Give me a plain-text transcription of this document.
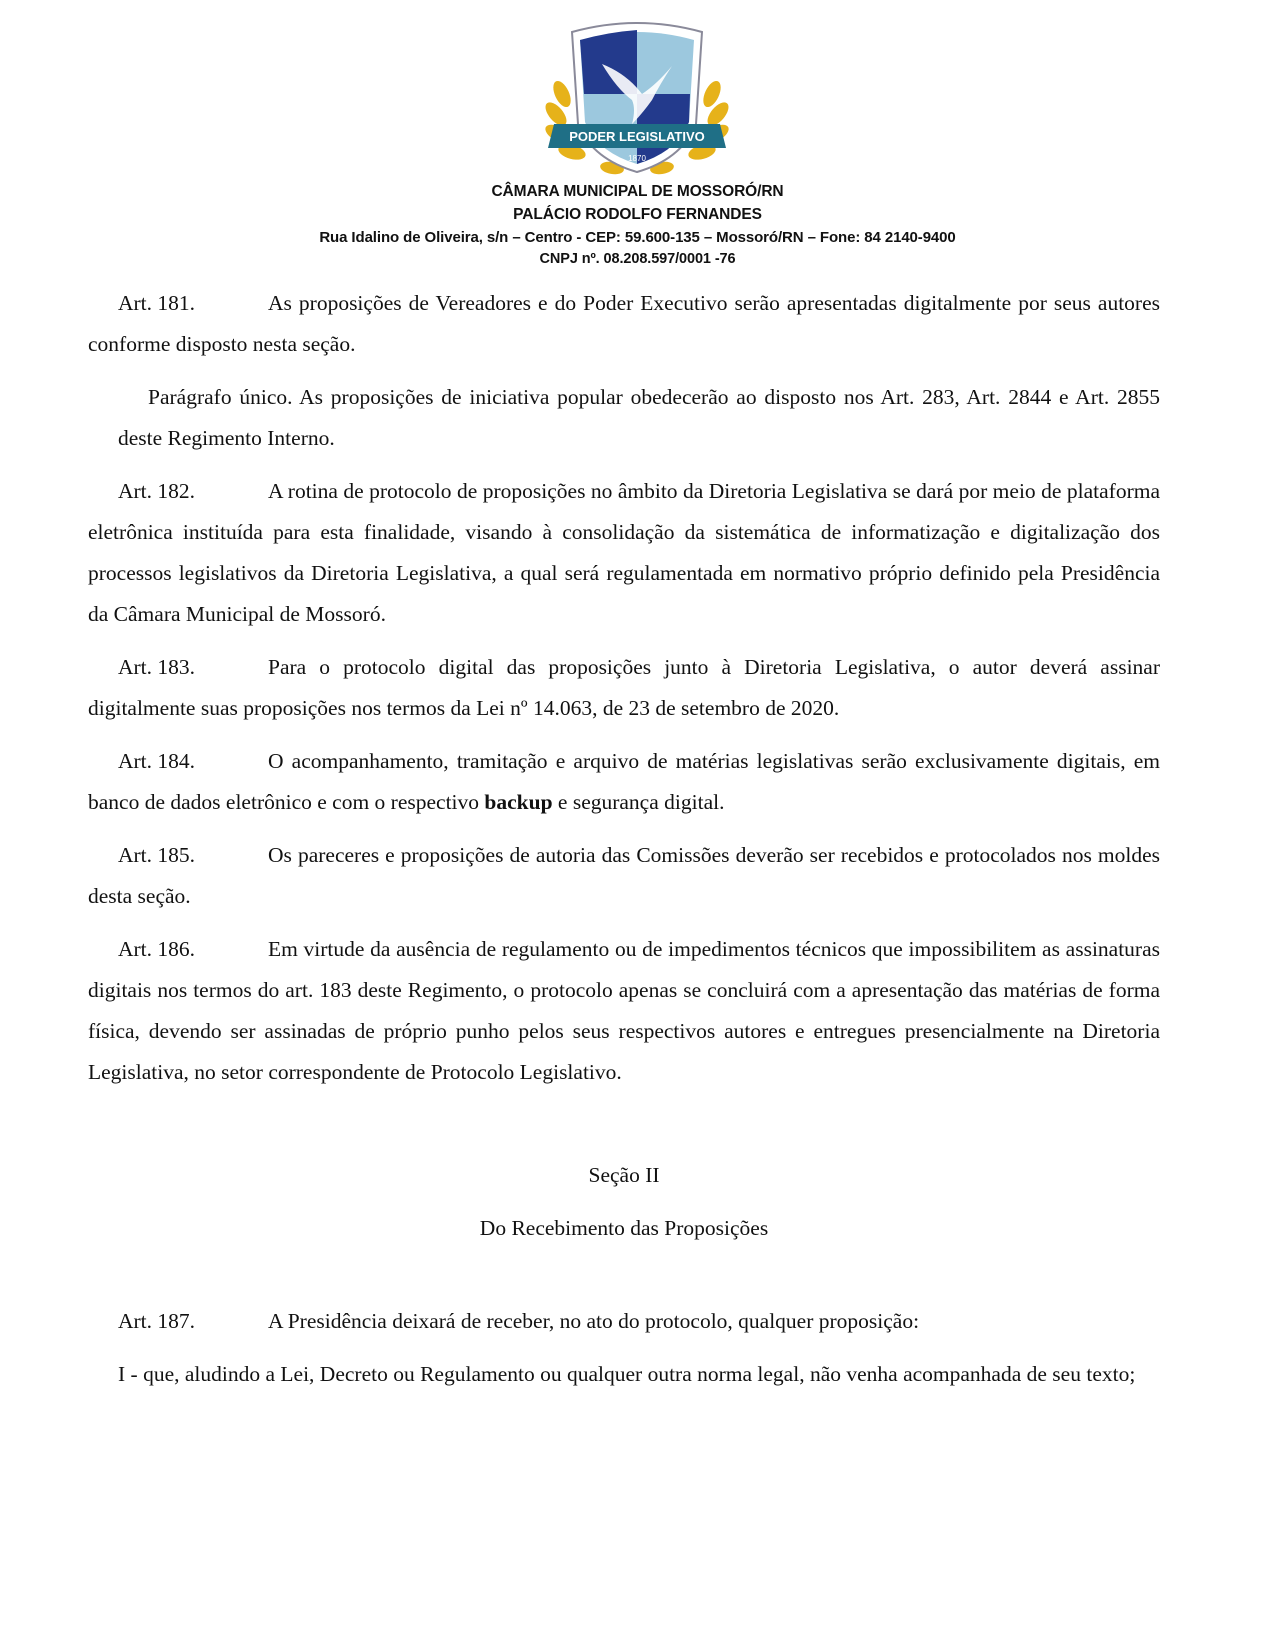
PODER LEGISLATIVO
1870
CÂMARA MUNICIPAL DE MOSSORÓ/RN
PALÁCIO RODOLFO FERNANDES
Rua Idalino de Oliveira, s/n – Centro - CEP: 59.600-135 – Mossoró/RN – Fone: 84 2140-9400
CNPJ nº. 08.208.597/0001 -76

Art. 181.	As proposições de Vereadores e do Poder Executivo serão apresentadas digitalmente por seus autores conforme disposto nesta seção.

Parágrafo único. As proposições de iniciativa popular obedecerão ao disposto nos Art. 283, Art. 2844 e Art. 2855 deste Regimento Interno.

Art. 182.	A rotina de protocolo de proposições no âmbito da Diretoria Legislativa se dará por meio de plataforma eletrônica instituída para esta finalidade, visando à consolidação da sistemática de informatização e digitalização dos processos legislativos da Diretoria Legislativa, a qual será regulamentada em normativo próprio definido pela Presidência da Câmara Municipal de Mossoró.

Art. 183.	Para o protocolo digital das proposições junto à Diretoria Legislativa, o autor deverá assinar digitalmente suas proposições nos termos da Lei nº 14.063, de 23 de setembro de 2020.

Art. 184.	O acompanhamento, tramitação e arquivo de matérias legislativas serão exclusivamente digitais, em banco de dados eletrônico e com o respectivo backup e segurança digital.

Art. 185.	Os pareceres e proposições de autoria das Comissões deverão ser recebidos e protocolados nos moldes desta seção.

Art. 186.	Em virtude da ausência de regulamento ou de impedimentos técnicos que impossibilitem as assinaturas digitais nos termos do art. 183 deste Regimento, o protocolo apenas se concluirá com a apresentação das matérias de forma física, devendo ser assinadas de próprio punho pelos seus respectivos autores e entregues presencialmente na Diretoria Legislativa, no setor correspondente de Protocolo Legislativo.

Seção II

Do Recebimento das Proposições

Art. 187.	A Presidência deixará de receber, no ato do protocolo, qualquer proposição:

I - que, aludindo a Lei, Decreto ou Regulamento ou qualquer outra norma legal, não venha acompanhada de seu texto;
